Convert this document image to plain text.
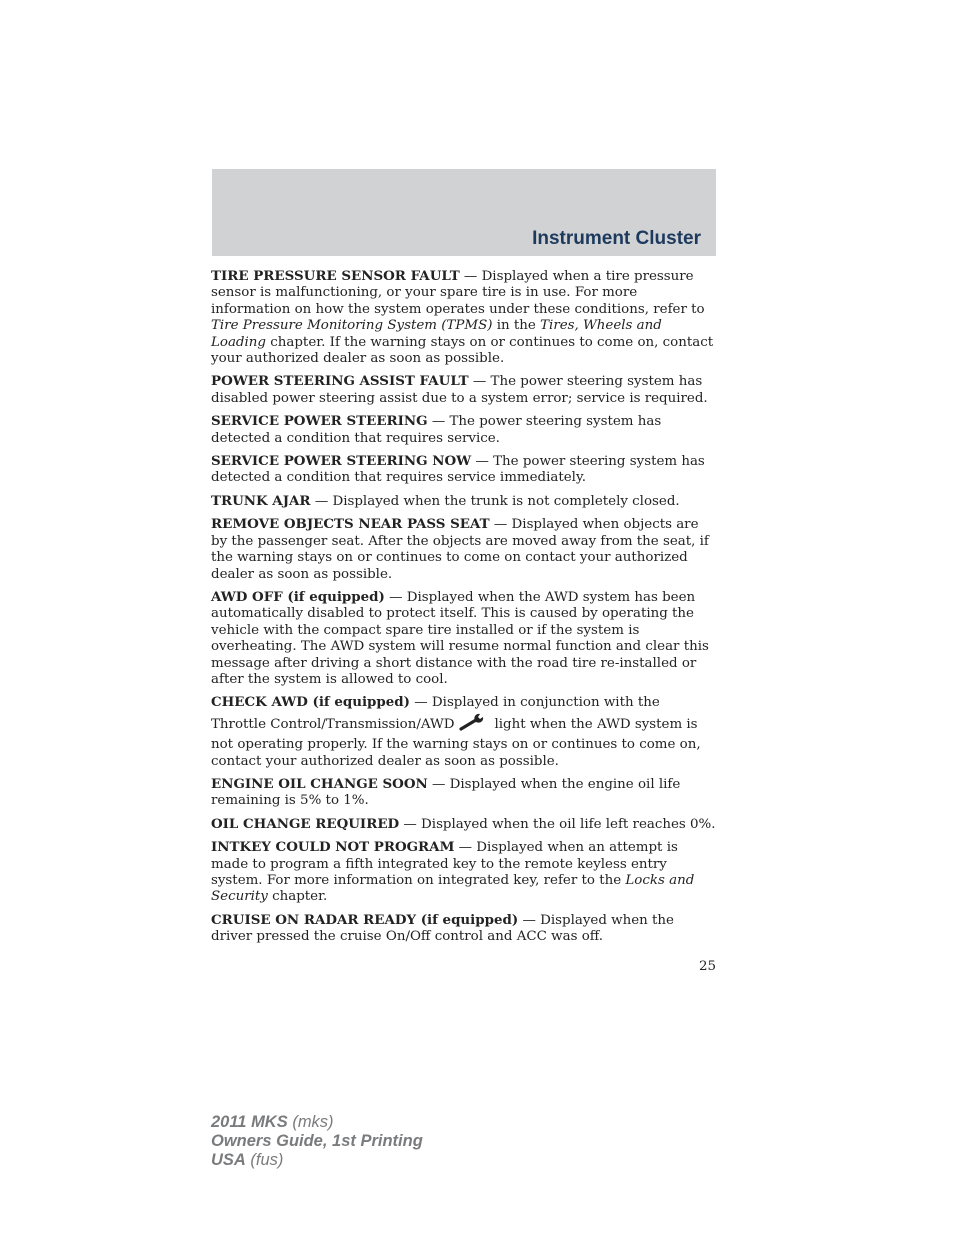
Instrument Cluster

TIRE PRESSURE SENSOR FAULT — Displayed when a tire pressure sensor is malfunctioning, or your spare tire is in use. For more information on how the system operates under these conditions, refer to Tire Pressure Monitoring System (TPMS) in the Tires, Wheels and Loading chapter. If the warning stays on or continues to come on, contact your authorized dealer as soon as possible.

POWER STEERING ASSIST FAULT — The power steering system has disabled power steering assist due to a system error; service is required.

SERVICE POWER STEERING — The power steering system has detected a condition that requires service.

SERVICE POWER STEERING NOW — The power steering system has detected a condition that requires service immediately.

TRUNK AJAR — Displayed when the trunk is not completely closed.

REMOVE OBJECTS NEAR PASS SEAT — Displayed when objects are by the passenger seat. After the objects are moved away from the seat, if the warning stays on or continues to come on contact your authorized dealer as soon as possible.

AWD OFF (if equipped) — Displayed when the AWD system has been automatically disabled to protect itself. This is caused by operating the vehicle with the compact spare tire installed or if the system is overheating. The AWD system will resume normal function and clear this message after driving a short distance with the road tire re-installed or after the system is allowed to cool.

CHECK AWD (if equipped) — Displayed in conjunction with the Throttle Control/Transmission/AWD	light when the AWD system is not operating properly. If the warning stays on or continues to come on, contact your authorized dealer as soon as possible.

ENGINE OIL CHANGE SOON — Displayed when the engine oil life remaining is 5% to 1%.

OIL CHANGE REQUIRED — Displayed when the oil life left reaches 0%.

INTKEY COULD NOT PROGRAM — Displayed when an attempt is made to program a fifth integrated key to the remote keyless entry system. For more information on integrated key, refer to the Locks and Security chapter.

CRUISE ON RADAR READY (if equipped) — Displayed when the driver pressed the cruise On/Off control and ACC was off.

25
2011 MKS (mks)
Owners Guide, 1st Printing
USA (fus)
